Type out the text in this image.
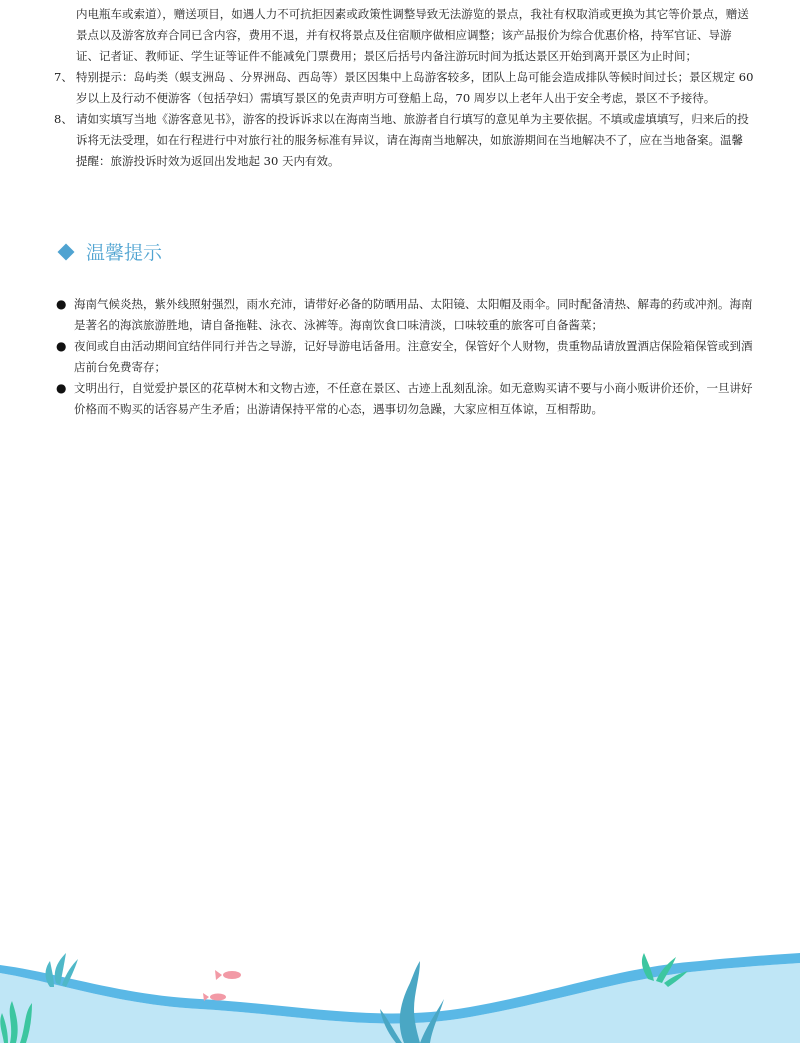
内电瓶车或索道），赠送项目，如遇人力不可抗拒因素或政策性调整导致无法游览的景点，我社有权取消或更换为其它等价景点，赠送景点以及游客放弃合同已含内容，费用不退，并有权将景点及住宿顺序做相应调整；该产品报价为综合优惠价格，持军官证、导游证、记者证、教师证、学生证等证件不能减免门票费用；景区后括号内备注游玩时间为抵达景区开始到离开景区为止时间；
7、 特别提示：岛屿类（蜈支洲岛 、分界洲岛、西岛等）景区因集中上岛游客较多，团队上岛可能会造成排队等候时间过长；景区规定 60 岁以上及行动不便游客（包括孕妇）需填写景区的免责声明方可登船上岛，70 周岁以上老年人出于安全考虑，景区不予接待。
8、 请如实填写当地《游客意见书》，游客的投诉诉求以在海南当地、旅游者自行填写的意见单为主要依据。不填或虚填填写，归来后的投诉将无法受理，如在行程进行中对旅行社的服务标准有异议，请在海南当地解决，如旅游期间在当地解决不了，应在当地备案。温馨提醒：旅游投诉时效为返回出发地起 30 天内有效。
温馨提示
● 海南气候炎热，紫外线照射强烈，雨水充沛，请带好必备的防晒用品、太阳镜、太阳帽及雨伞。同时配备清热、解毒的药或冲剂。海南是著名的海滨旅游胜地，请自备拖鞋、泳衣、泳裤等。海南饮食口味清淡，口味较重的旅客可自备酱菜；
● 夜间或自由活动期间宜结伴同行并告之导游，记好导游电话备用。注意安全，保管好个人财物，贵重物品请放置酒店保险箱保管或到酒店前台免费寄存；
● 文明出行，自觉爱护景区的花草树木和文物古迹，不任意在景区、古迹上乱刻乱涂。如无意购买请不要与小商小贩讲价还价，一旦讲好价格而不购买的话容易产生矛盾；出游请保持平常的心态，遇事切勿急躁，大家应相互体谅，互相帮助。
